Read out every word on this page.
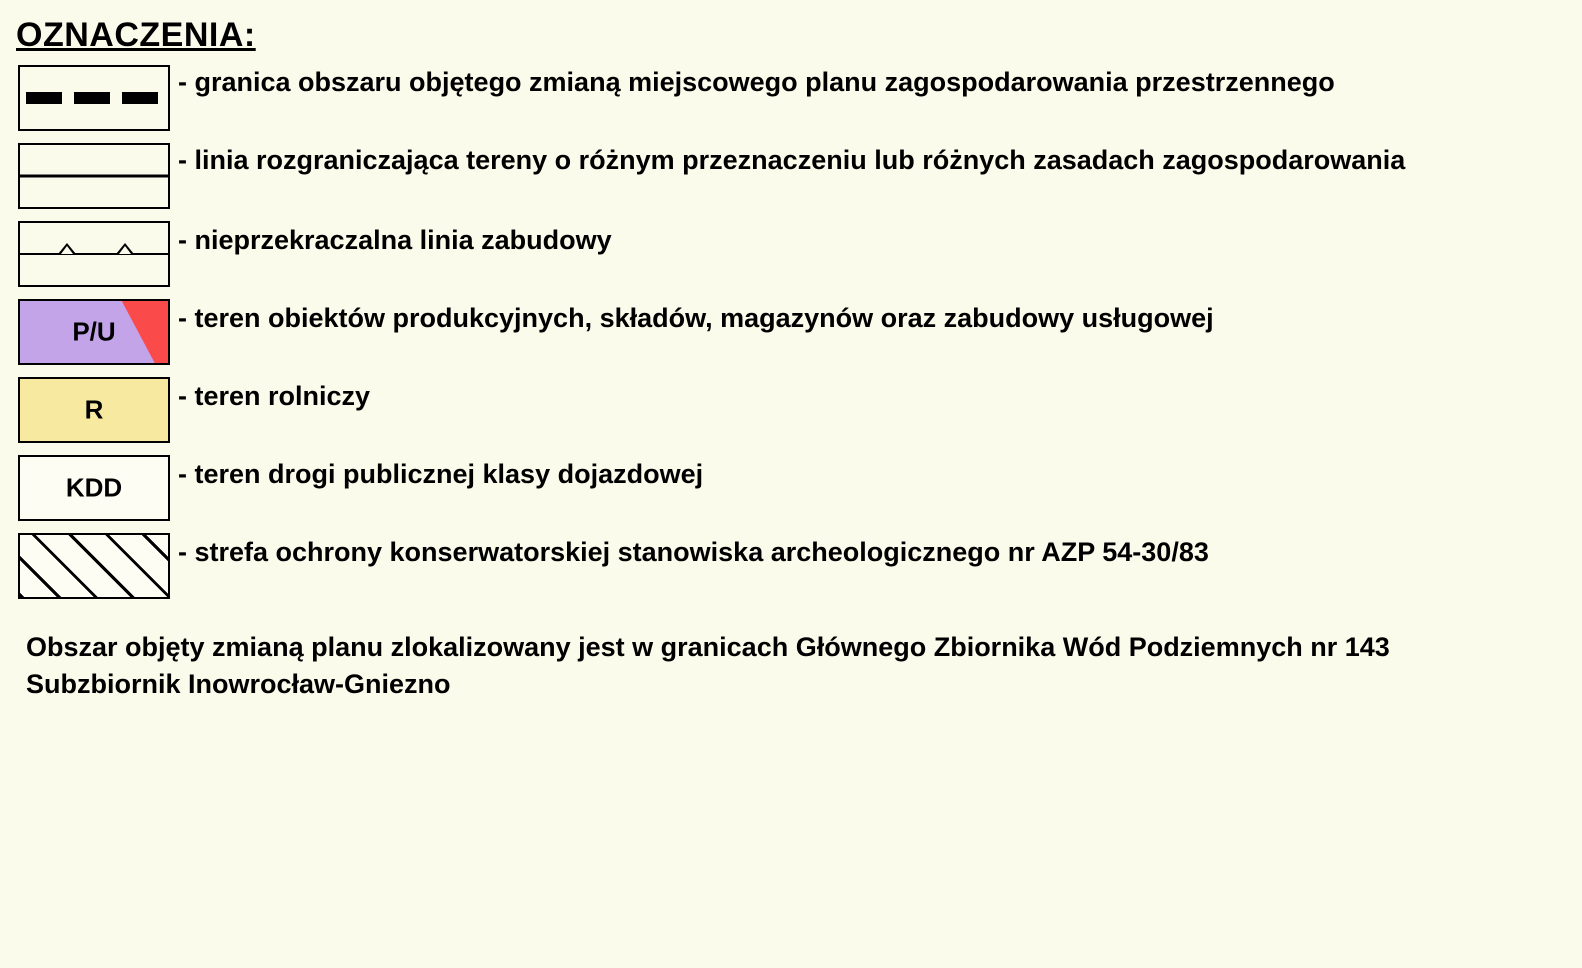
OZNACZENIA:
- granica obszaru objętego zmianą miejscowego planu zagospodarowania przestrzennego
- linia rozgraniczająca tereny o różnym przeznaczeniu lub różnych zasadach zagospodarowania
- nieprzekraczalna linia zabudowy
P/U	- teren obiektów produkcyjnych, składów, magazynów oraz zabudowy usługowej
R	- teren rolniczy
KDD	- teren drogi publicznej klasy dojazdowej
- strefa ochrony konserwatorskiej stanowiska archeologicznego nr AZP 54-30/83
Obszar objęty zmianą planu zlokalizowany jest w granicach Głównego Zbiornika Wód Podziemnych nr 143 Subzbiornik Inowrocław-Gniezno
